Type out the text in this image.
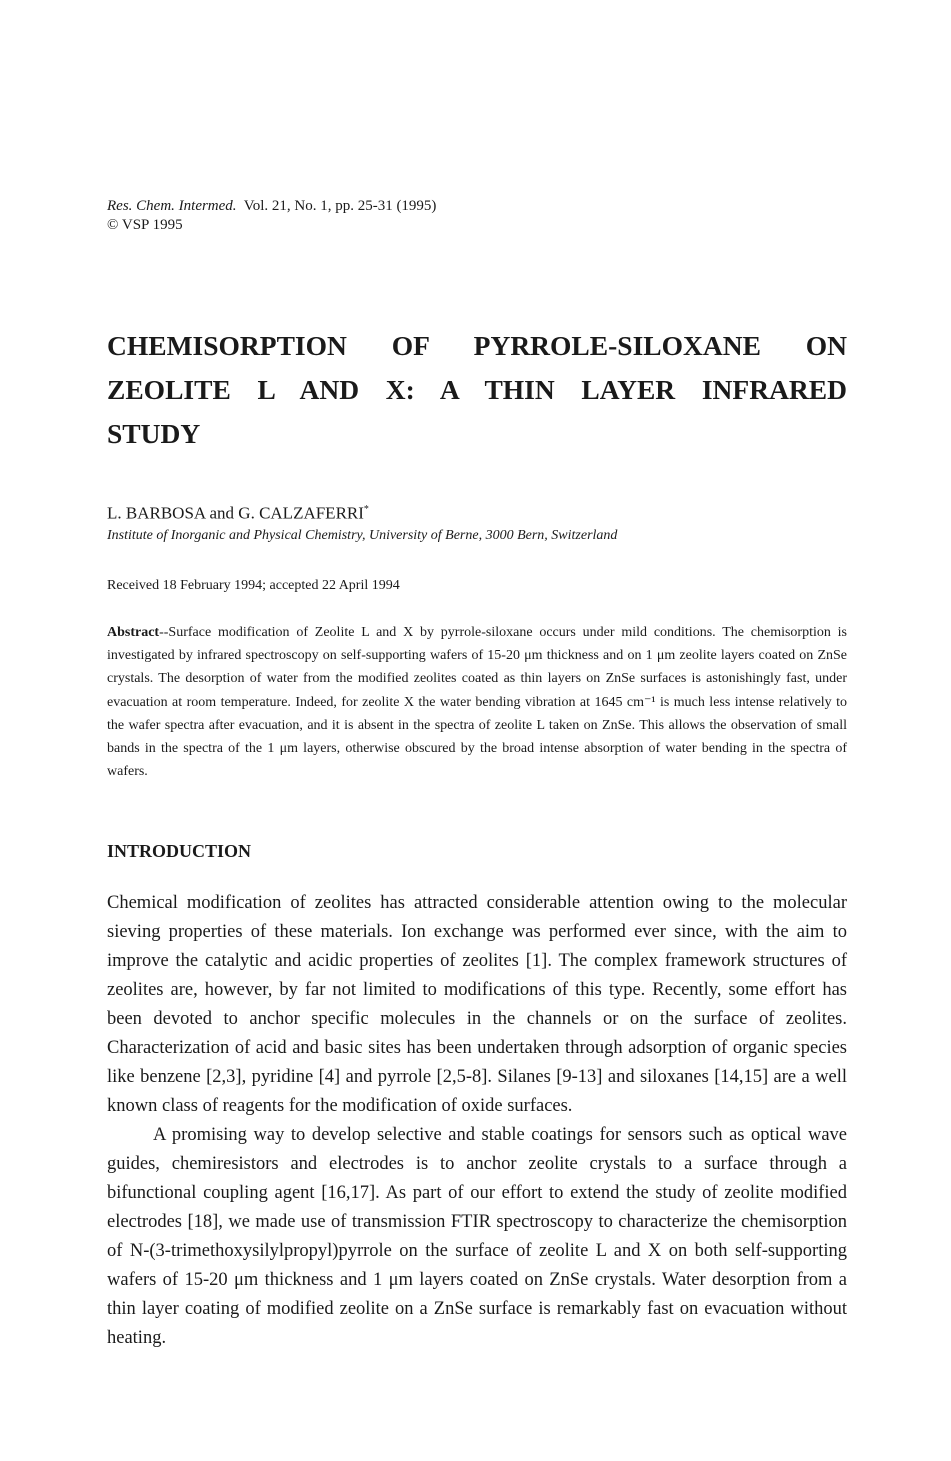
Res. Chem. Intermed. Vol. 21, No. 1, pp. 25-31 (1995)
© VSP 1995
CHEMISORPTION OF PYRROLE-SILOXANE ON
ZEOLITE L AND X: A THIN LAYER INFRARED
STUDY
L. BARBOSA and G. CALZAFERRI*
Institute of Inorganic and Physical Chemistry, University of Berne, 3000 Bern, Switzerland
Received 18 February 1994; accepted 22 April 1994

Abstract--Surface modification of Zeolite L and X by pyrrole-siloxane occurs under mild conditions. The chemisorption is investigated by infrared spectroscopy on self-supporting wafers of 15-20 μm thickness and on 1 μm zeolite layers coated on ZnSe crystals. The desorption of water from the modified zeolites coated as thin layers on ZnSe surfaces is astonishingly fast, under evacuation at room temperature. Indeed, for zeolite X the water bending vibration at 1645 cm⁻¹ is much less intense relatively to the wafer spectra after evacuation, and it is absent in the spectra of zeolite L taken on ZnSe. This allows the observation of small bands in the spectra of the 1 μm layers, otherwise obscured by the broad intense absorption of water bending in the spectra of wafers.

INTRODUCTION

Chemical modification of zeolites has attracted considerable attention owing to the molecular sieving properties of these materials. Ion exchange was performed ever since, with the aim to improve the catalytic and acidic properties of zeolites [1]. The complex framework structures of zeolites are, however, by far not limited to modifications of this type. Recently, some effort has been devoted to anchor specific molecules in the channels or on the surface of zeolites. Characterization of acid and basic sites has been undertaken through adsorption of organic species like benzene [2,3], pyridine [4] and pyrrole [2,5-8]. Silanes [9-13] and siloxanes [14,15] are a well known class of reagents for the modification of oxide surfaces.

A promising way to develop selective and stable coatings for sensors such as optical wave guides, chemiresistors and electrodes is to anchor zeolite crystals to a surface through a bifunctional coupling agent [16,17]. As part of our effort to extend the study of zeolite modified electrodes [18], we made use of transmission FTIR spectroscopy to characterize the chemisorption of N-(3-trimethoxysilylpropyl)pyrrole on the surface of zeolite L and X on both self-supporting wafers of 15-20 μm thickness and 1 μm layers coated on ZnSe crystals. Water desorption from a thin layer coating of modified zeolite on a ZnSe surface is remarkably fast on evacuation without heating.
